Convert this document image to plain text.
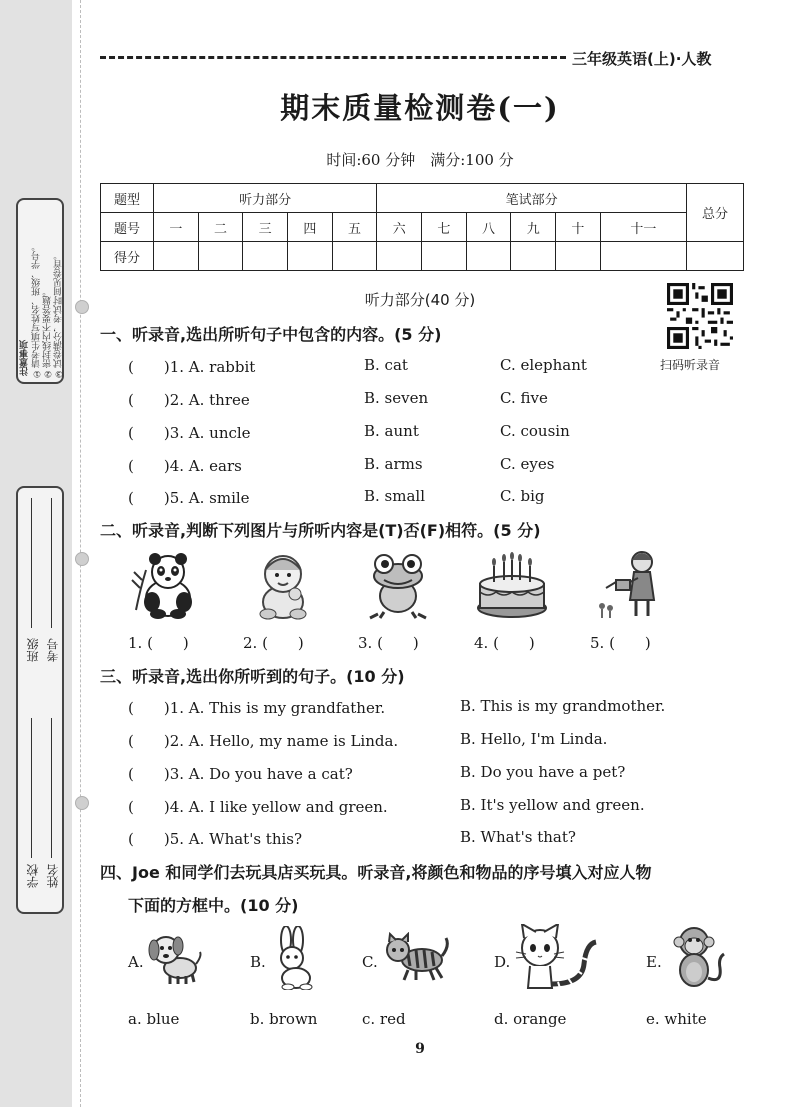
注意事项 ①请考生填写姓名、班级、学号。 ②密封线内不要答题。 ③试卷满分，考试时间见卷首。
班级 考号
学校 姓名
三年级英语(上)·人教
期末质量检测卷(一)
时间:60 分钟　满分:100 分
题型	听力部分					笔试部分						总分
题号	一	二	三	四	五	六	七	八	九	十	十一	
得分												
扫码听录音
听力部分(40 分)
一、听录音,选出所听句子中包含的内容。(5 分)
(　　)1. A. rabbit	B. cat	C. elephant
(　　)2. A. three	B. seven	C. five
(　　)3. A. uncle	B. aunt	C. cousin
(　　)4. A. ears	B. arms	C. eyes
(　　)5. A. smile	B. small	C. big
二、听录音,判断下列图片与所听内容是(T)否(F)相符。(5 分)
1. (　　)	2. (　　)	3. (　　)	4. (　　)	5. (　　)
三、听录音,选出你所听到的句子。(10 分)
(　　)1. A. This is my grandfather.	B. This is my grandmother.
(　　)2. A. Hello, my name is Linda.	B. Hello, I'm Linda.
(　　)3. A. Do you have a cat?	B. Do you have a pet?
(　　)4. A. I like yellow and green.	B. It's yellow and green.
(　　)5. A. What's this?	B. What's that?
四、Joe 和同学们去玩具店买玩具。听录音,将颜色和物品的序号填入对应人物
下面的方框中。(10 分)
A.	B.	C.	D.	E.
a. blue	b. brown	c. red	d. orange	e. white
9
